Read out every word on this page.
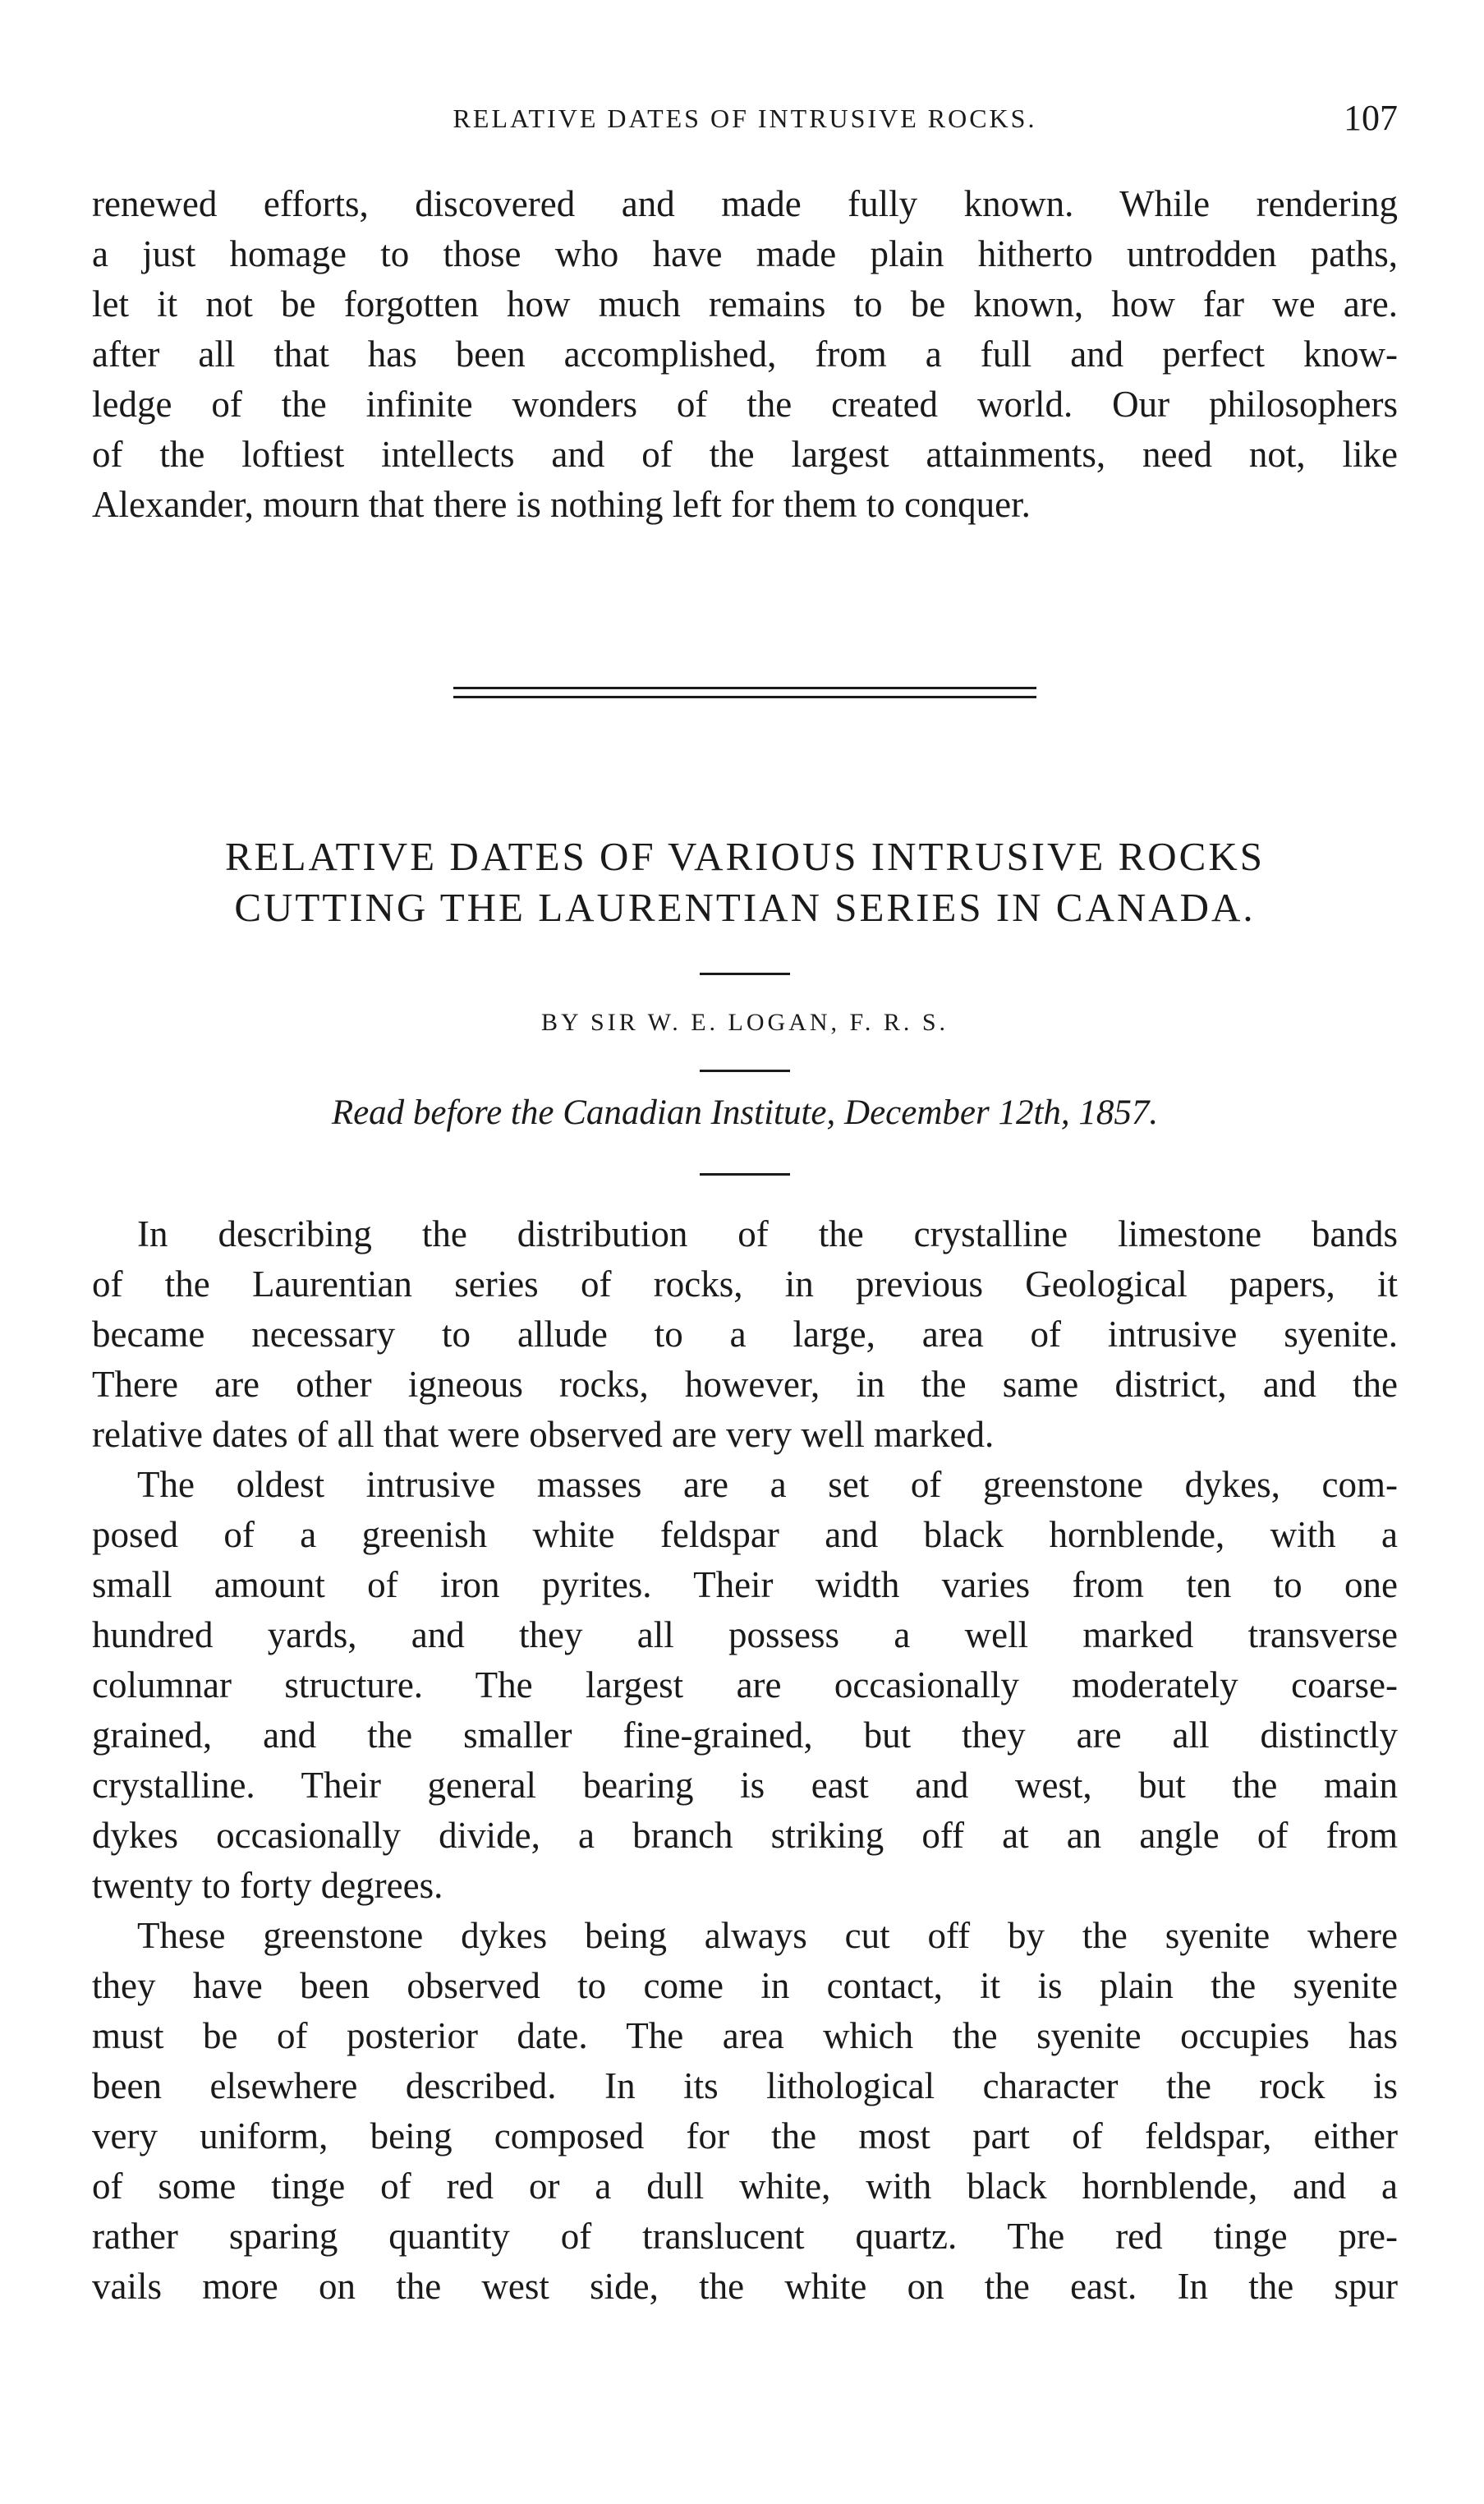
RELATIVE DATES OF INTRUSIVE ROCKS.	107

renewed efforts, discovered and made fully known. While rendering
a just homage to those who have made plain hitherto untrodden paths,
let it not be forgotten how much remains to be known, how far we are.
after all that has been accomplished, from a full and perfect know-
ledge of the infinite wonders of the created world. Our philosophers
of the loftiest intellects and of the largest attainments, need not, like
Alexander, mourn that there is nothing left for them to conquer.

RELATIVE DATES OF VARIOUS INTRUSIVE ROCKS
CUTTING THE LAURENTIAN SERIES IN CANADA.
BY SIR W. E. LOGAN, F. R. S.
Read before the Canadian Institute, December 12th, 1857.

In describing the distribution of the crystalline limestone bands
of the Laurentian series of rocks, in previous Geological papers, it
became necessary to allude to a large, area of intrusive syenite.
There are other igneous rocks, however, in the same district, and the
relative dates of all that were observed are very well marked.

The oldest intrusive masses are a set of greenstone dykes, com-
posed of a greenish white feldspar and black hornblende, with a
small amount of iron pyrites. Their width varies from ten to one
hundred yards, and they all possess a well marked transverse
columnar structure. The largest are occasionally moderately coarse-
grained, and the smaller fine-grained, but they are all distinctly
crystalline. Their general bearing is east and west, but the main
dykes occasionally divide, a branch striking off at an angle of from
twenty to forty degrees.

These greenstone dykes being always cut off by the syenite where
they have been observed to come in contact, it is plain the syenite
must be of posterior date. The area which the syenite occupies has
been elsewhere described. In its lithological character the rock is
very uniform, being composed for the most part of feldspar, either
of some tinge of red or a dull white, with black hornblende, and a
rather sparing quantity of translucent quartz. The red tinge pre-
vails more on the west side, the white on the east. In the spur
